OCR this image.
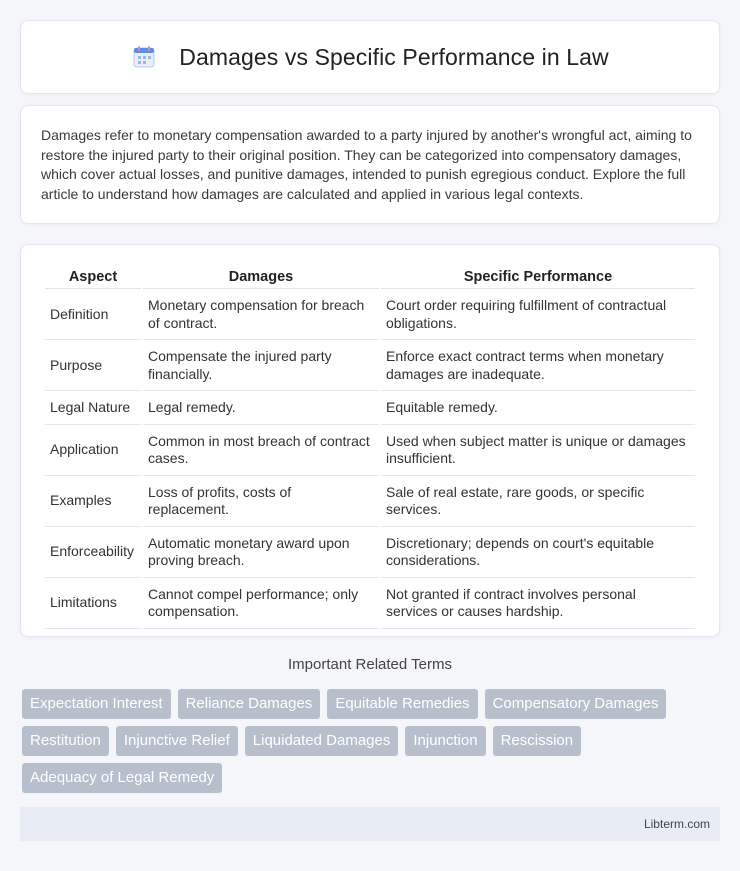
Damages vs Specific Performance in Law

Damages refer to monetary compensation awarded to a party injured by another's wrongful act, aiming to restore the injured party to their original position. They can be categorized into compensatory damages, which cover actual losses, and punitive damages, intended to punish egregious conduct. Explore the full article to understand how damages are calculated and applied in various legal contexts.

Aspect	Damages	Specific Performance
Definition	Monetary compensation for breach of contract.	Court order requiring fulfillment of contractual obligations.
Purpose	Compensate the injured party financially.	Enforce exact contract terms when monetary damages are inadequate.
Legal Nature	Legal remedy.	Equitable remedy.
Application	Common in most breach of contract cases.	Used when subject matter is unique or damages insufficient.
Examples	Loss of profits, costs of replacement.	Sale of real estate, rare goods, or specific services.
Enforceability	Automatic monetary award upon proving breach.	Discretionary; depends on court's equitable considerations.
Limitations	Cannot compel performance; only compensation.	Not granted if contract involves personal services or causes hardship.
Important Related Terms
Expectation Interest	Reliance Damages	Equitable Remedies	Compensatory Damages
Restitution	Injunctive Relief	Liquidated Damages	Injunction	Rescission
Adequacy of Legal Remedy
Libterm.com
